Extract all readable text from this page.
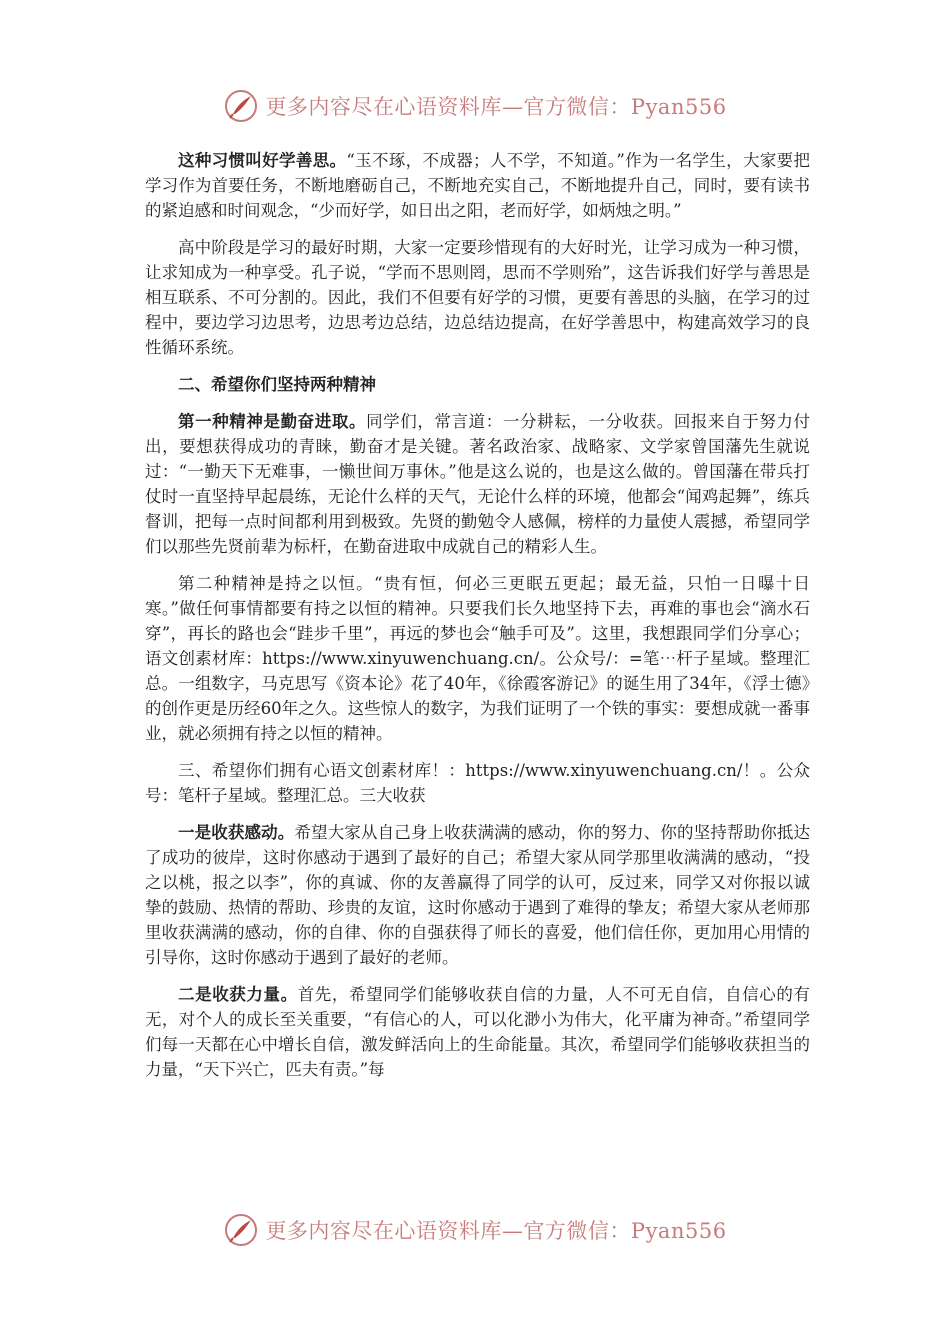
更多内容尽在心语资料库—官方微信：Pyan556

这种习惯叫好学善思。“玉不琢，不成器；人不学，不知道。”作为一名学生，大家要把学习作为首要任务，不断地磨砺自己，不断地充实自己，不断地提升自己，同时，要有读书的紧迫感和时间观念，“少而好学，如日出之阳，老而好学，如炳烛之明。”

高中阶段是学习的最好时期，大家一定要珍惜现有的大好时光，让学习成为一种习惯，让求知成为一种享受。孔子说，“学而不思则罔，思而不学则殆”，这告诉我们好学与善思是相互联系、不可分割的。因此，我们不但要有好学的习惯，更要有善思的头脑，在学习的过程中，要边学习边思考，边思考边总结，边总结边提高，在好学善思中，构建高效学习的良性循环系统。

二、希望你们坚持两种精神

第一种精神是勤奋进取。同学们，常言道：一分耕耘，一分收获。回报来自于努力付出，要想获得成功的青睐，勤奋才是关键。著名政治家、战略家、文学家曾国藩先生就说过：“一勤天下无难事，一懒世间万事休。”他是这么说的，也是这么做的。曾国藩在带兵打仗时一直坚持早起晨练，无论什么样的天气，无论什么样的环境，他都会“闻鸡起舞”，练兵督训，把每一点时间都利用到极致。先贤的勤勉令人感佩，榜样的力量使人震撼，希望同学们以那些先贤前辈为标杆，在勤奋进取中成就自己的精彩人生。

第二种精神是持之以恒。“贵有恒，何必三更眠五更起；最无益，只怕一日曝十日寒。”做任何事情都要有持之以恒的精神。只要我们长久地坚持下去，再难的事也会“滴水石穿”，再长的路也会“跬步千里”，再远的梦也会“触手可及”。这里，我想跟同学们分享心；语文创素材库：https://www.xinyuwenchuang.cn/。公众号/：=笔⋯杆子星域。整理汇总。一组数字，马克思写《资本论》花了40年，《徐霞客游记》的诞生用了34年，《浮士德》的创作更是历经60年之久。这些惊人的数字，为我们证明了一个铁的事实：要想成就一番事业，就必须拥有持之以恒的精神。

三、希望你们拥有心语文创素材库！：https://www.xinyuwenchuang.cn/！。公众号：笔杆子星域。整理汇总。三大收获

一是收获感动。希望大家从自己身上收获满满的感动，你的努力、你的坚持帮助你抵达了成功的彼岸，这时你感动于遇到了最好的自己；希望大家从同学那里收满满的感动，“投之以桃，报之以李”，你的真诚、你的友善赢得了同学的认可，反过来，同学又对你报以诚挚的鼓励、热情的帮助、珍贵的友谊，这时你感动于遇到了难得的挚友；希望大家从老师那里收获满满的感动，你的自律、你的自强获得了师长的喜爱，他们信任你，更加用心用情的引导你，这时你感动于遇到了最好的老师。

二是收获力量。首先，希望同学们能够收获自信的力量，人不可无自信，自信心的有无，对个人的成长至关重要，“有信心的人，可以化渺小为伟大，化平庸为神奇。”希望同学们每一天都在心中增长自信，激发鲜活向上的生命能量。其次，希望同学们能够收获担当的力量，“天下兴亡，匹夫有责。”每

更多内容尽在心语资料库—官方微信：Pyan556
